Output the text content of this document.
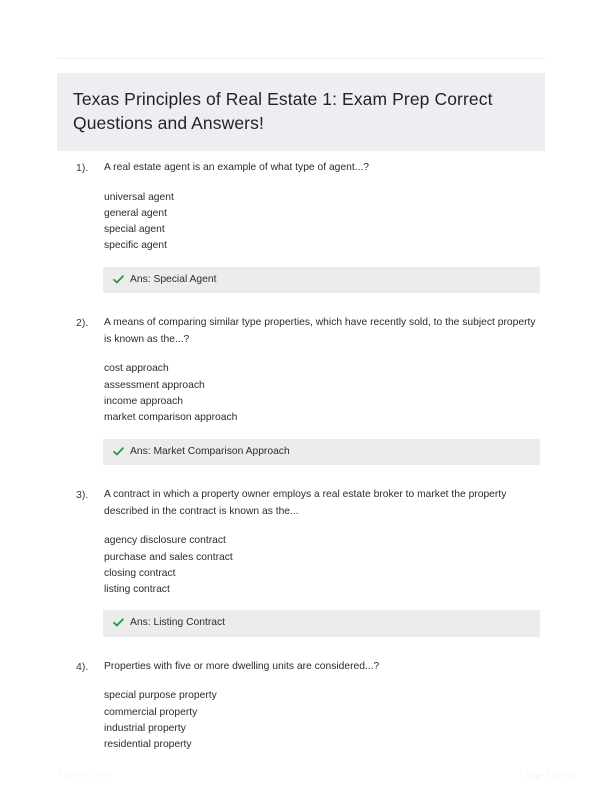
Texas Principles of Real Estate 1: Exam Prep Correct Questions and Answers!
1).	A real estate agent is an example of what type of agent...?
universal agent
general agent
special agent
specific agent
Ans: Special Agent
2).	A means of comparing similar type properties, which have recently sold, to the subject property is known as the...?
cost approach
assessment approach
income approach
market comparison approach
Ans: Market Comparison Approach
3).	A contract in which a property owner employs a real estate broker to market the property described in the contract is known as the...
agency disclosure contract
purchase and sales contract
closing contract
listing contract
Ans: Listing Contract
4).	Properties with five or more dwelling units are considered...?
special purpose property
commercial property
industrial property
residential property
PaperStic.com	Page 1 of 105
